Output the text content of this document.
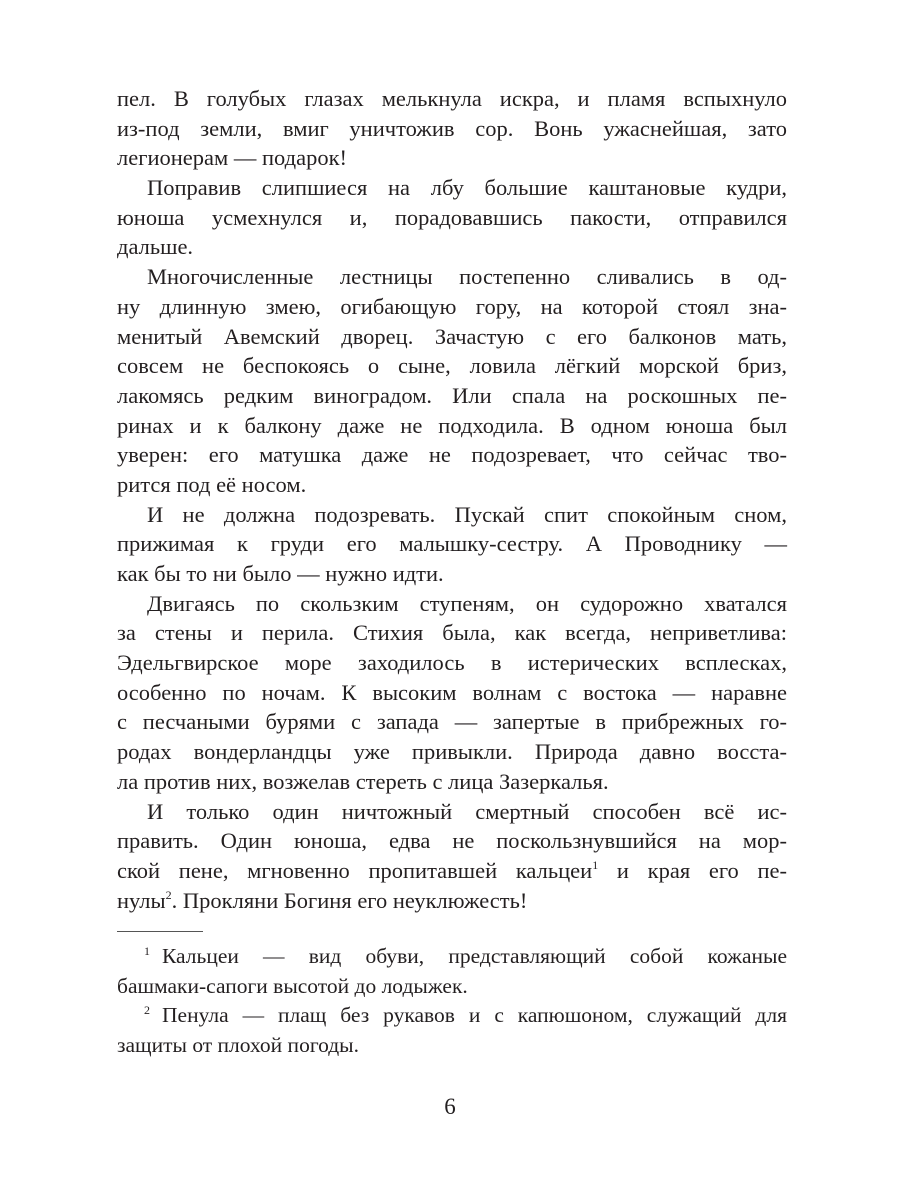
пел. В голубых глазах мелькнула искра, и пламя вспыхнуло
из-под земли, вмиг уничтожив сор. Вонь ужаснейшая, зато
легионерам — подарок!
Поправив слипшиеся на лбу большие каштановые кудри,
юноша усмехнулся и, порадовавшись пакости, отправился
дальше.
Многочисленные лестницы постепенно сливались в од-
ну длинную змею, огибающую гору, на которой стоял зна-
менитый Авемский дворец. Зачастую с его балконов мать,
совсем не беспокоясь о сыне, ловила лёгкий морской бриз,
лакомясь редким виноградом. Или спала на роскошных пе-
ринах и к балкону даже не подходила. В одном юноша был
уверен: его матушка даже не подозревает, что сейчас тво-
рится под её носом.
И не должна подозревать. Пускай спит спокойным сном,
прижимая к груди его малышку-сестру. А Проводнику —
как бы то ни было — нужно идти.
Двигаясь по скользким ступеням, он судорожно хватался
за стены и перила. Стихия была, как всегда, неприветлива:
Эдельгвирское море заходилось в истерических всплесках,
особенно по ночам. К высоким волнам с востока — наравне
с песчаными бурями с запада — запертые в прибрежных го-
родах вондерландцы уже привыкли. Природа давно восста-
ла против них, возжелав стереть с лица Зазеркалья.
И только один ничтожный смертный способен всё ис-
править. Один юноша, едва не поскользнувшийся на мор-
ской пене, мгновенно пропитавшей кальцеи$^1$ и края его пе-
нулы$^2$. Прокляни Богиня его неуклюжесть!
$^1$ Кальцеи — вид обуви, представляющий собой кожаные
башмаки-сапоги высотой до лодыжек.
$^2$ Пенула — плащ без рукавов и с капюшоном, служащий для
защиты от плохой погоды.
6
